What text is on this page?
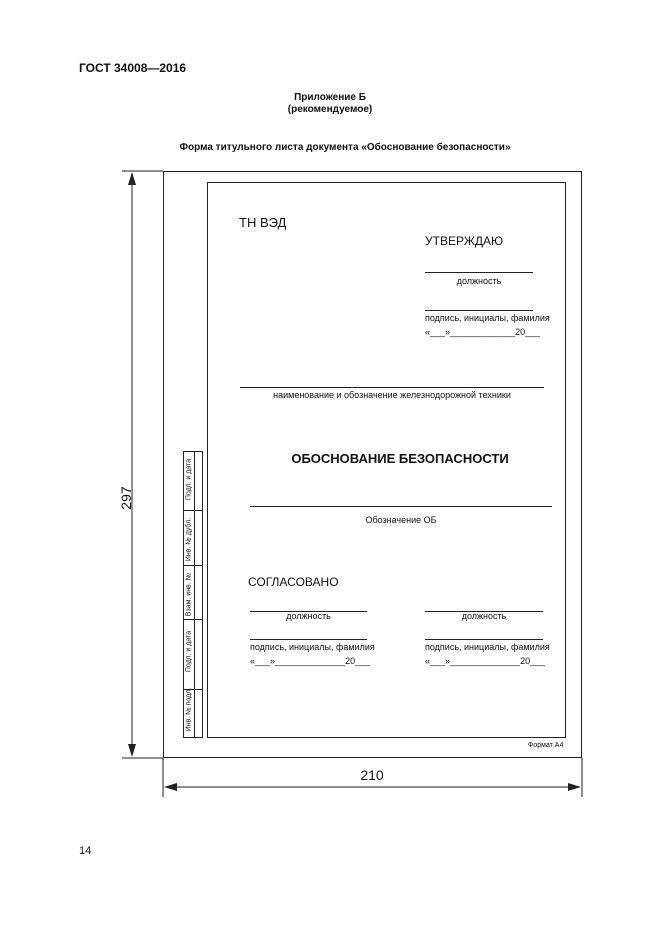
ГОСТ 34008—2016
Приложение Б
(рекомендуемое)
Форма титульного листа документа «Обоснование безопасности»
Подп. и дата
Инв. № дубл.
Взам. инв. №
Подп. и дата
Инв. № подл.
ТН ВЭД
УТВЕРЖДАЮ
должность
подпись, инициалы, фамилия
«___»_____________20___
наименование и обозначение железнодорожной техники
ОБОСНОВАНИЕ БЕЗОПАСНОСТИ
Обозначение ОБ
СОГЛАСОВАНО
должность
подпись, инициалы, фамилия
«___»______________20___
должность
подпись, инициалы, фамилия
«___»______________20___
Формат А4
297
210
14
